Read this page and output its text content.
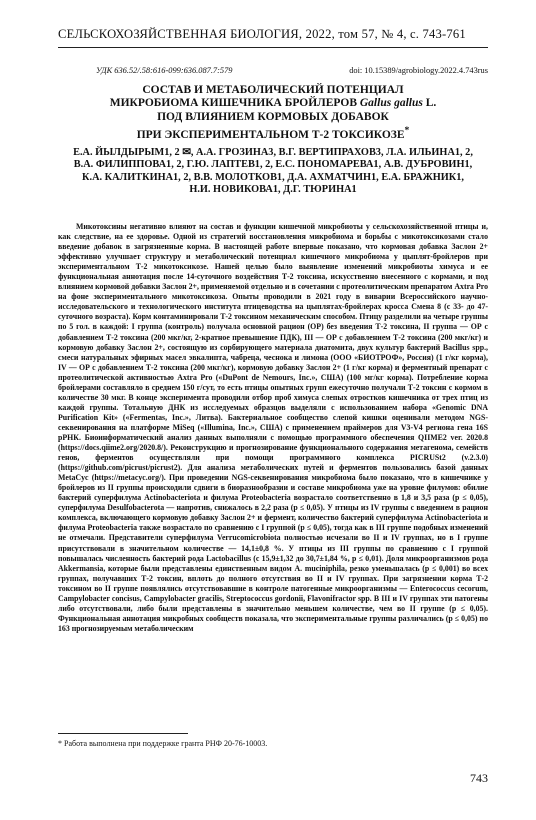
СЕЛЬСКОХОЗЯЙСТВЕННАЯ БИОЛОГИЯ, 2022, том 57, № 4, с. 743-761
УДК 636.52/.58:616-099:636.087.7:579	doi: 10.15389/agrobiology.2022.4.743rus
СОСТАВ И МЕТАБОЛИЧЕСКИЙ ПОТЕНЦИАЛ
МИКРОБИОМА КИШЕЧНИКА БРОЙЛЕРОВ Gallus gallus L.
ПОД ВЛИЯНИЕМ КОРМОВЫХ ДОБАВОК
ПРИ ЭКСПЕРИМЕНТАЛЬНОМ Т-2 ТОКСИКОЗЕ*
Е.А. ЙЫЛДЫРЫМ1, 2 ✉, А.А. ГРОЗИНА3, В.Г. ВЕРТИПРАХОВ3, Л.А. ИЛЬИНА1, 2,
В.А. ФИЛИППОВА1, 2, Г.Ю. ЛАПТЕВ1, 2, Е.С. ПОНОМАРЕВА1, А.В. ДУБРОВИН1,
К.А. КАЛИТКИНА1, 2, В.В. МОЛОТКОВ1, Д.А. АХМАТЧИН1, Е.А. БРАЖНИК1,
Н.И. НОВИКОВА1, Д.Г. ТЮРИНА1

Микотоксины негативно влияют на состав и функции кишечной микробиоты у сельскохозяйственной птицы и, как следствие, на ее здоровье. Одной из стратегий восстановления микробиома и борьбы с микотоксикозами стало введение добавок в загрязненные корма. В настоящей работе впервые показано, что кормовая добавка Заслон 2+ эффективно улучшает структуру и метаболический потенциал кишечного микробиома у цыплят-бройлеров при экспериментальном Т-2 микотоксикозе. Нашей целью было выявление изменений микробиоты химуса и ее функциональная аннотация после 14-суточного воздействия Т-2 токсина, искусственно внесенного с кормами, и под влиянием кормовой добавки Заслон 2+, применяемой отдельно и в сочетании с протеолитическим препаратом Axtra Pro на фоне экспериментального микотоксикоза. Опыты проводили в 2021 году в виварии Всероссийского научно-исследовательского и технологического института птицеводства на цыплятах-бройлерах кросса Смена 8 (с 33- до 47-суточного возраста). Корм контаминировали Т-2 токсином механическим способом. Птицу разделили на четыре группы по 5 гол. в каждой: I группа (контроль) получала основной рацион (ОР) без введения Т-2 токсина, II группа — ОР с добавлением Т-2 токсина (200 мкг/кг, 2-кратное превышение ПДК), III — ОР с добавлением Т-2 токсина (200 мкг/кг) и кормовую добавку Заслон 2+, состоящую из сорбирующего материала диатомита, двух культур бактерий Bacillus spp., смеси натуральных эфирных масел эвкалипта, чабреца, чеснока и лимона (ООО «БИОТРОФ», Россия) (1 г/кг корма), IV — ОР с добавлением Т-2 токсина (200 мкг/кг), кормовую добавку Заслон 2+ (1 г/кг корма) и ферментный препарат с протеолитической активностью Axtra Pro («DuPont de Nemours, Inc.», США) (100 мг/кг корма). Потребление корма бройлерами составляло в среднем 150 г/сут, то есть птицы опытных групп ежесуточно получали Т-2 токсин с кормом в количестве 30 мкг. В конце эксперимента проводили отбор проб химуса слепых отростков кишечника от трех птиц из каждой группы. Тотальную ДНК из исследуемых образцов выделяли с использованием набора «Genomic DNA Purification Kit» («Fermentas, Inc.», Литва). Бактериальное сообщество слепой кишки оценивали методом NGS-секвенирования на платформе MiSeq («Illumina, Inc.», США) с применением праймеров для V3-V4 региона гена 16S рРНК. Биоинформатический анализ данных выполняли с помощью программного обеспечения QIIME2 ver. 2020.8 (https://docs.qiime2.org/2020.8/). Реконструкцию и прогнозирование функционального содержания метагенома, семейств генов, ферментов осуществляли при помощи программного комплекса PICRUSt2 (v.2.3.0) (https://github.com/picrust/picrust2). Для анализа метаболических путей и ферментов пользовались базой данных MetaCyc (https://metacyc.org/). При проведении NGS-секвенирования микробиома было показано, что в кишечнике у бройлеров из II группы происходили сдвиги в биоразнообразии и составе микробиома уже на уровне филумов: обилие бактерий суперфилума Actinobacteriota и филума Proteobacteria возрастало соответственно в 1,8 и 3,5 раза (р ≤ 0,05), суперфилума Desulfobacterota — напротив, снижалось в 2,2 раза (р ≤ 0,05). У птицы из IV группы с введением в рацион комплекса, включающего кормовую добавку Заслон 2+ и фермент, количество бактерий суперфилума Actinobacteriota и филума Proteobacteria также возрастало по сравнению с I группой (р ≤ 0,05), тогда как в III группе подобных изменений не отмечали. Представители суперфилума Verrucomicrobiota полностью исчезали во II и IV группах, но в I группе присутствовали в значительном количестве — 14,1±0,8 %. У птицы из III группы по сравнению с I группой повышалась численность бактерий рода Lactobacillus (с 15,9±1,32 до 30,7±1,84 %, р ≤ 0,01). Доля микроорганизмов рода Akkermansia, которые были представлены единственным видом A. muciniphila, резко уменьшалась (р ≤ 0,001) во всех группах, получавших Т-2 токсин, вплоть до полного отсутствия во II и IV группах. При загрязнении корма Т-2 токсином во II группе появлялись отсутствовавшие в контроле патогенные микроорганизмы — Enterococcus cecorum, Campylobacter concisus, Campylobacter gracilis, Streptococcus gordonii, Flavonifractor spp. В III и IV группах эти патогены либо отсутствовали, либо были представлены в значительно меньшем количестве, чем во II группе (р ≤ 0,05). Функциональная аннотация микробных сообществ показала, что экспериментальные группы различались (р ≤ 0,05) по 163 прогнозируемым метаболическим

* Работа выполнена при поддержке гранта РНФ 20-76-10003.
743
